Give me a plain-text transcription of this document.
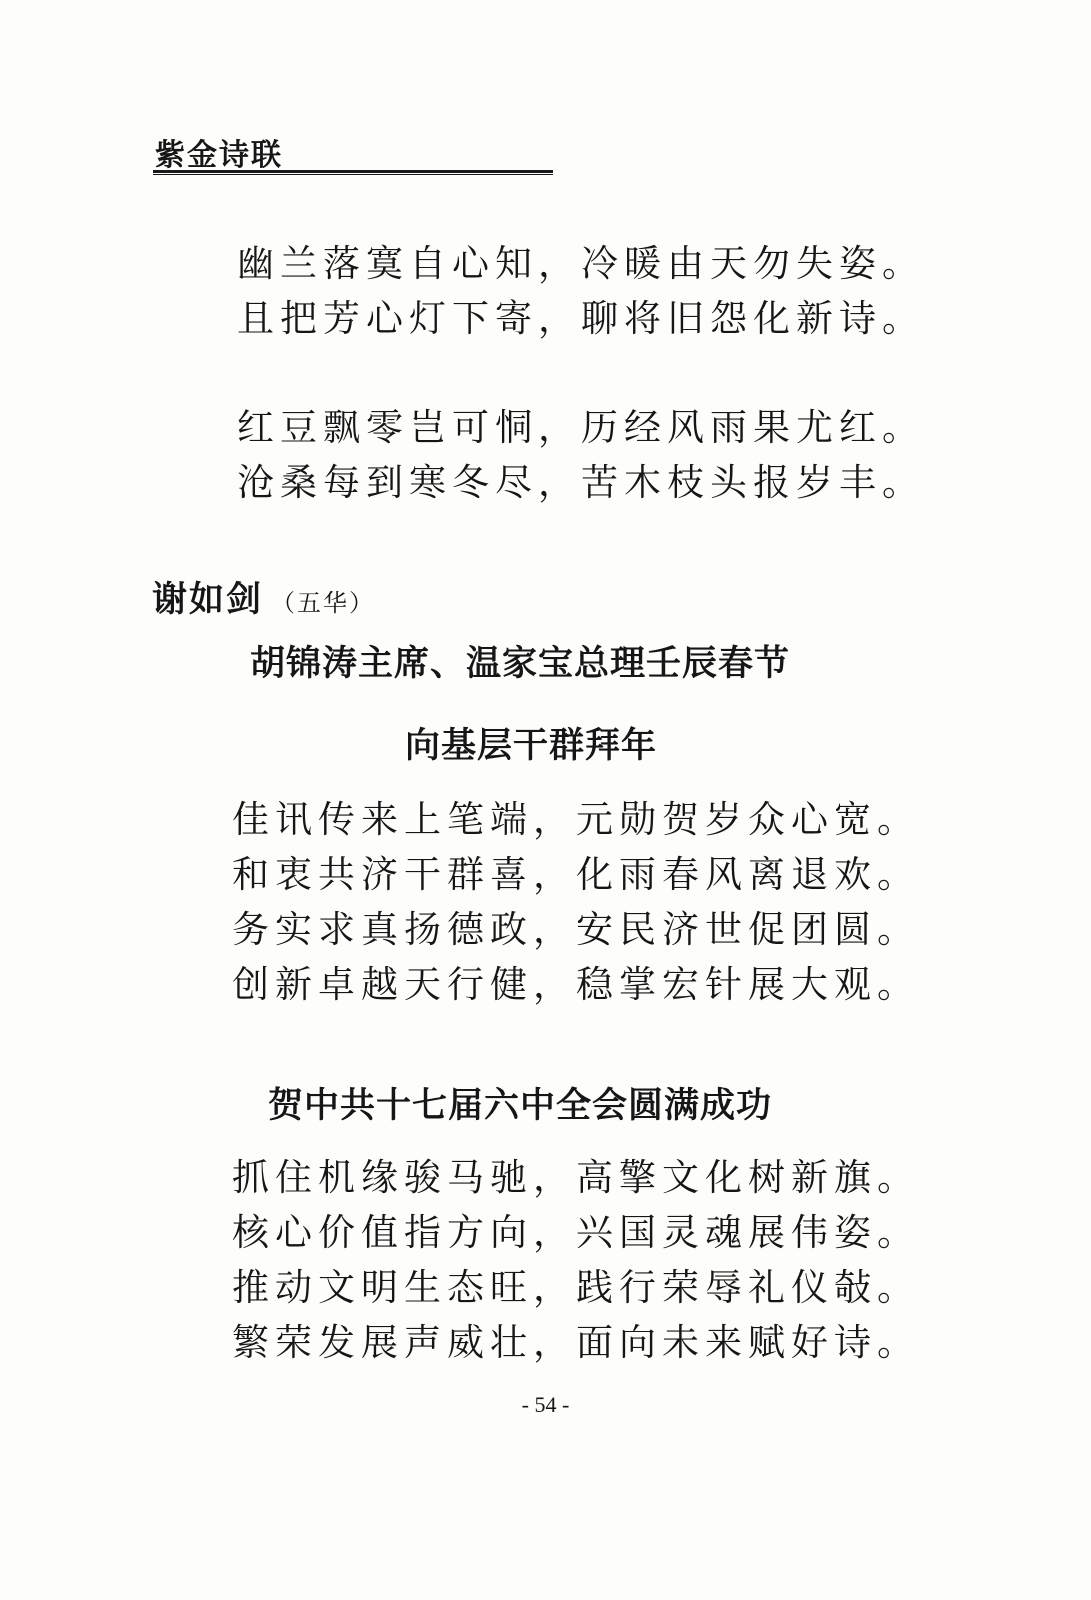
紫金诗联
幽兰落寞自心知，冷暖由天勿失姿。
且把芳心灯下寄，聊将旧怨化新诗。
红豆飘零岂可恫，历经风雨果尤红。
沧桑每到寒冬尽，苦木枝头报岁丰。
谢如剑 （五华）
胡锦涛主席、温家宝总理壬辰春节
向基层干群拜年
佳讯传来上笔端，元勋贺岁众心宽。
和衷共济干群喜，化雨春风离退欢。
务实求真扬德政，安民济世促团圆。
创新卓越天行健，稳掌宏针展大观。
贺中共十七届六中全会圆满成功
抓住机缘骏马驰，高擎文化树新旗。
核心价值指方向，兴国灵魂展伟姿。
推动文明生态旺，践行荣辱礼仪敧。
繁荣发展声威壮，面向未来赋好诗。
- 54 -
